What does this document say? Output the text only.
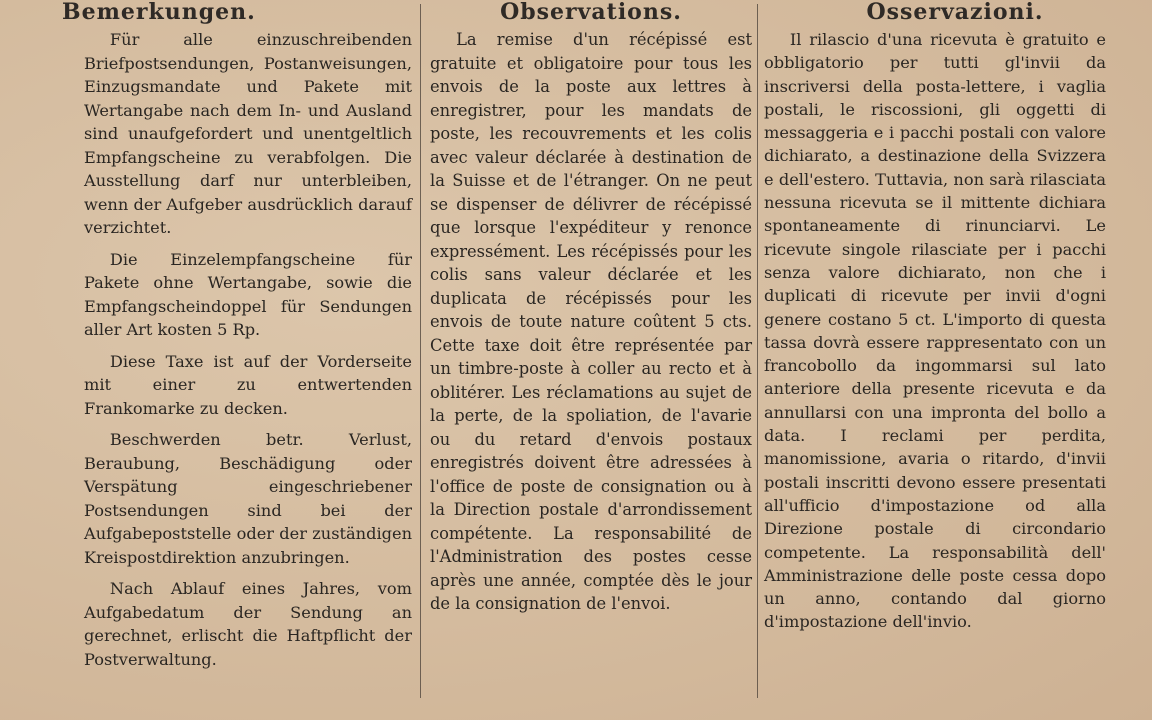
Bemerkungen.

Für alle einzuschreibenden Briefpostsendungen, Postanweisungen, Einzugsmandate und Pakete mit Wertangabe nach dem In- und Ausland sind unaufgefordert und unentgeltlich Empfangscheine zu verabfolgen. Die Ausstellung darf nur unterbleiben, wenn der Aufgeber ausdrücklich darauf verzichtet.

Die Einzelempfangscheine für Pakete ohne Wertangabe, sowie die Empfangscheindoppel für Sendungen aller Art kosten 5 Rp.

Diese Taxe ist auf der Vorderseite mit einer zu entwertenden Frankomarke zu decken.

Beschwerden betr. Verlust, Beraubung, Beschädigung oder Verspätung eingeschriebener Postsendungen sind bei der Aufgabepoststelle oder der zuständigen Kreispostdirektion anzubringen.

Nach Ablauf eines Jahres, vom Aufgabedatum der Sendung an gerechnet, erlischt die Haftpflicht der Postverwaltung.

Observations.

La remise d'un récépissé est gratuite et obligatoire pour tous les envois de la poste aux lettres à enregistrer, pour les mandats de poste, les recouvrements et les colis avec valeur déclarée à destination de la Suisse et de l'étranger. On ne peut se dispenser de délivrer de récépissé que lorsque l'expéditeur y renonce expressément. Les récépissés pour les colis sans valeur déclarée et les duplicata de récépissés pour les envois de toute nature coûtent 5 cts. Cette taxe doit être représentée par un timbre-poste à coller au recto et à oblitérer. Les réclamations au sujet de la perte, de la spoliation, de l'avarie ou du retard d'envois postaux enregistrés doivent être adressées à l'office de poste de consignation ou à la Direction postale d'arrondissement compétente. La responsabilité de l'Administration des postes cesse après une année, comptée dès le jour de la consignation de l'envoi.

Osservazioni.

Il rilascio d'una ricevuta è gratuito e obbligatorio per tutti gl'invii da inscriversi della posta-lettere, i vaglia postali, le riscossioni, gli oggetti di messaggeria e i pacchi postali con valore dichiarato, a destinazione della Svizzera e dell'estero. Tuttavia, non sarà rilasciata nessuna ricevuta se il mittente dichiara spontaneamente di rinunciarvi. Le ricevute singole rilasciate per i pacchi senza valore dichiarato, non che i duplicati di ricevute per invii d'ogni genere costano 5 ct. L'importo di questa tassa dovrà essere rappresentato con un francobollo da ingommarsi sul lato anteriore della presente ricevuta e da annullarsi con una impronta del bollo a data. I reclami per perdita, manomissione, avaria o ritardo, d'invii postali inscritti devono essere presentati all'ufficio d'impostazione od alla Direzione postale di circondario competente. La responsabilità dell' Amministrazione delle poste cessa dopo un anno, contando dal giorno d'impostazione dell'invio.
